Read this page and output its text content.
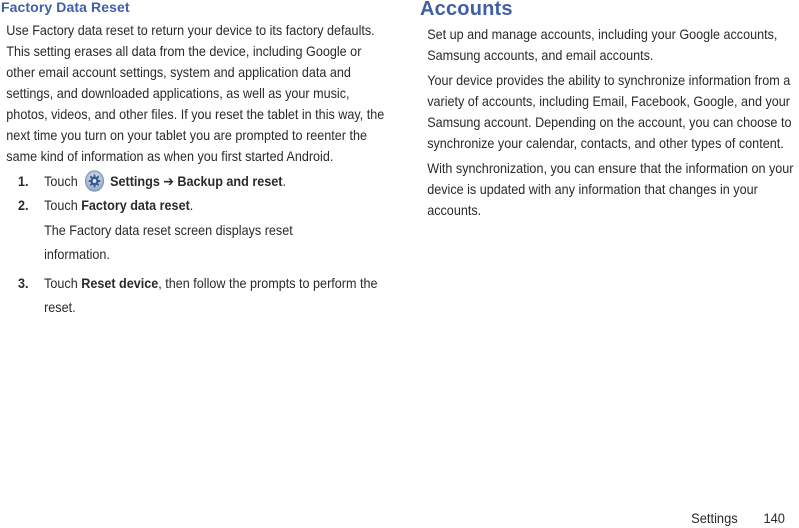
Factory Data Reset

Use Factory data reset to return your device to its factory defaults. This setting erases all data from the device, including Google or other email account settings, system and application data and settings, and downloaded applications, as well as your music, photos, videos, and other files. If you reset the tablet in this way, the next time you turn on your tablet you are prompted to reenter the same kind of information as when you first started Android.

1. Touch Settings ➔ Backup and reset.
2. Touch Factory data reset.
The Factory data reset screen displays reset information.
3. Touch Reset device, then follow the prompts to perform the reset.
Accounts

Set up and manage accounts, including your Google accounts, Samsung accounts, and email accounts.

Your device provides the ability to synchronize information from a variety of accounts, including Email, Facebook, Google, and your Samsung account. Depending on the account, you can choose to synchronize your calendar, contacts, and other types of content.

With synchronization, you can ensure that the information on your device is updated with any information that changes in your accounts.

Settings 140
